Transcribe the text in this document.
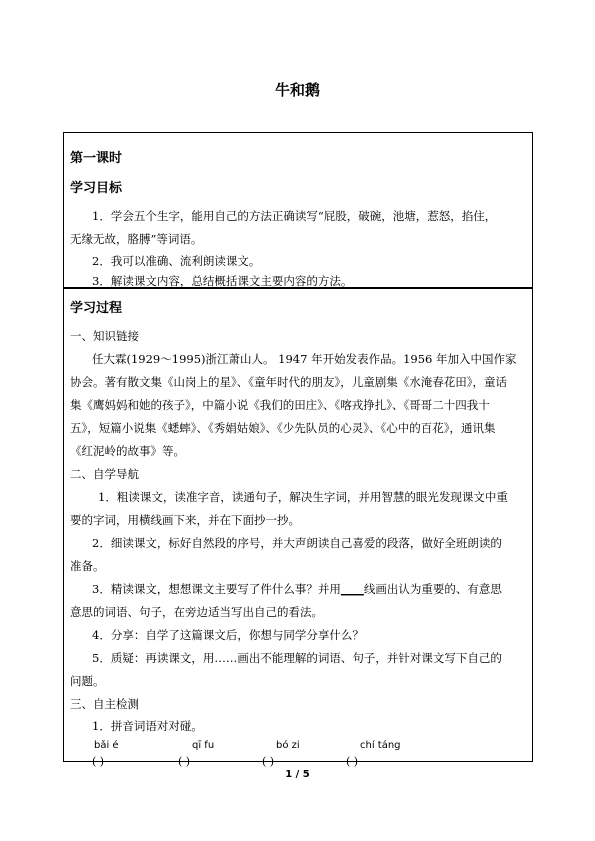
牛和鹅
第一课时
学习目标
1．学会五个生字，能用自己的方法正确读写“屁股，破碗，池塘，惹怒，掐住，
无缘无故，胳膊”等词语。
2．我可以准确、流利朗读课文。
3．解读课文内容，总结概括课文主要内容的方法。
学习过程
一、知识链接
任大霖(1929～1995)浙江萧山人。 1947 年开始发表作品。1956 年加入中国作家
协会。著有散文集《山岗上的星》、《童年时代的朋友》，儿童剧集《水淹春花田》，童话
集《鹰妈妈和她的孩子》，中篇小说《我们的田庄》、《喀戎挣扎》、《哥哥二十四我十
五》，短篇小说集《蟋蟀》、《秀娟姑娘》、《少先队员的心灵》、《心中的百花》，通讯集
《红泥岭的故事》等。
二、自学导航
1．粗读课文，读准字音，读通句子，解决生字词，并用智慧的眼光发现课文中重
要的字词，用横线画下来，并在下面抄一抄。
2．细读课文，标好自然段的序号，并大声朗读自己喜爱的段落，做好全班朗读的
准备。
3．精读课文，想想课文主要写了件什么事？并用____线画出认为重要的、有意思
意思的词语、句子，在旁边适当写出自己的看法。
4．分享：自学了这篇课文后，你想与同学分享什么？
5．质疑：再读课文，用……画出不能理解的词语、句子，并针对课文写下自己的
问题。
三、自主检测
1．拼音词语对对碰。
bǎi é	qī fu	bó zi	chí táng
( )	( )	( )	( )
1 / 5
